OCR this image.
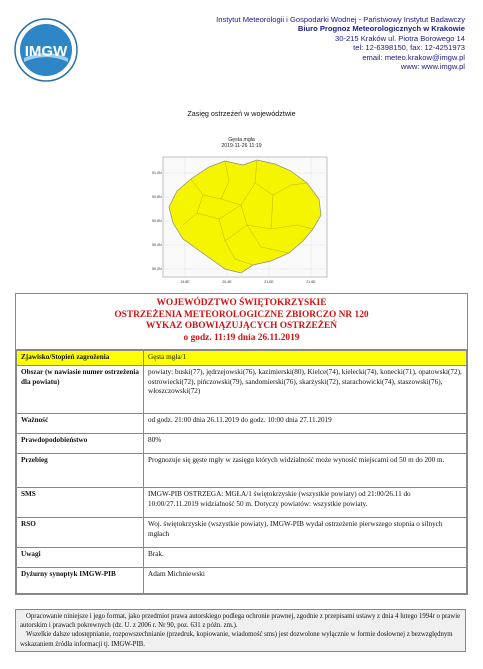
IMGW
Instytut Meteorologii i Gospodarki Wodnej - Państwowy Instytut Badawczy
Biuro Prognoz Meteorologicznych w Krakowie
30-215 Kraków ul. Piotra Borowego 14
tel: 12-6398150, fax: 12-4251973
email: meteo.krakow@imgw.pl
www: www.imgw.pl
Zasięg ostrzeżeń w województwie
Gęsta mgła
2019-11-26 11:19
51.0N
50.8N
50.6N
50.4N
50.2N
19.8E	20.4E	21.0E	21.6E
WOJEWÓDZTWO ŚWIĘTOKRZYSKIE
OSTRZEŻENIA METEOROLOGICZNE ZBIORCZO NR 120
WYKAZ OBOWIĄZUJĄCYCH OSTRZEŻEŃ
o godz. 11:19 dnia 26.11.2019
Zjawisko/Stopień zagrożenia	Gęsta mgła/1
Obszar (w nawiasie numer ostrzeżenia dla powiatu)	powiaty: buski(77), jędrzejowski(76), kazimierski(80), Kielce(74), kielecki(74), konecki(71), opatowski(72), ostrowiecki(72), pińczowski(79), sandomierski(76), skarżyski(72), starachowicki(74), staszowski(76), włoszczowski(72)
Ważność	od godz. 21:00 dnia 26.11.2019 do godz. 10:00 dnia 27.11.2019
Prawdopodobieństwo	80%
Przebieg	Prognozuje się gęste mgły w zasięgu których widzialność może wynosić miejscami od 50 m do 200 m.
SMS	IMGW-PIB OSTRZEGA: MGŁA/1 świętokrzyskie (wszystkie powiaty) od 21:00/26.11 do 10:00/27.11.2019 widzialność 50 m. Dotyczy powiatów: wszystkie powiaty.
RSO	Woj. świętokrzyskie (wszystkie powiaty), IMGW-PIB wydał ostrzeżenie pierwszego stopnia o silnych mgłach
Uwagi	Brak.
Dyżurny synoptyk IMGW-PIB	Adam Michniewski

Opracowanie niniejsze i jego format, jako przedmiot prawa autorskiego podlega ochronie prawnej, zgodnie z przepisami ustawy z dnia 4 lutego 1994r o prawie autorskim i prawach pokrewnych (dz. U. z 2006 r. Nr 90, poz. 631 z późn. zm.).

Wszelkie dalsze udostępnianie, rozpowszechnianie (przedruk, kopiowanie, wiadomość sms) jest dozwolone wyłącznie w formie dosłownej z bezwzględnym wskazaniem źródła informacji tj. IMGW-PIB.
